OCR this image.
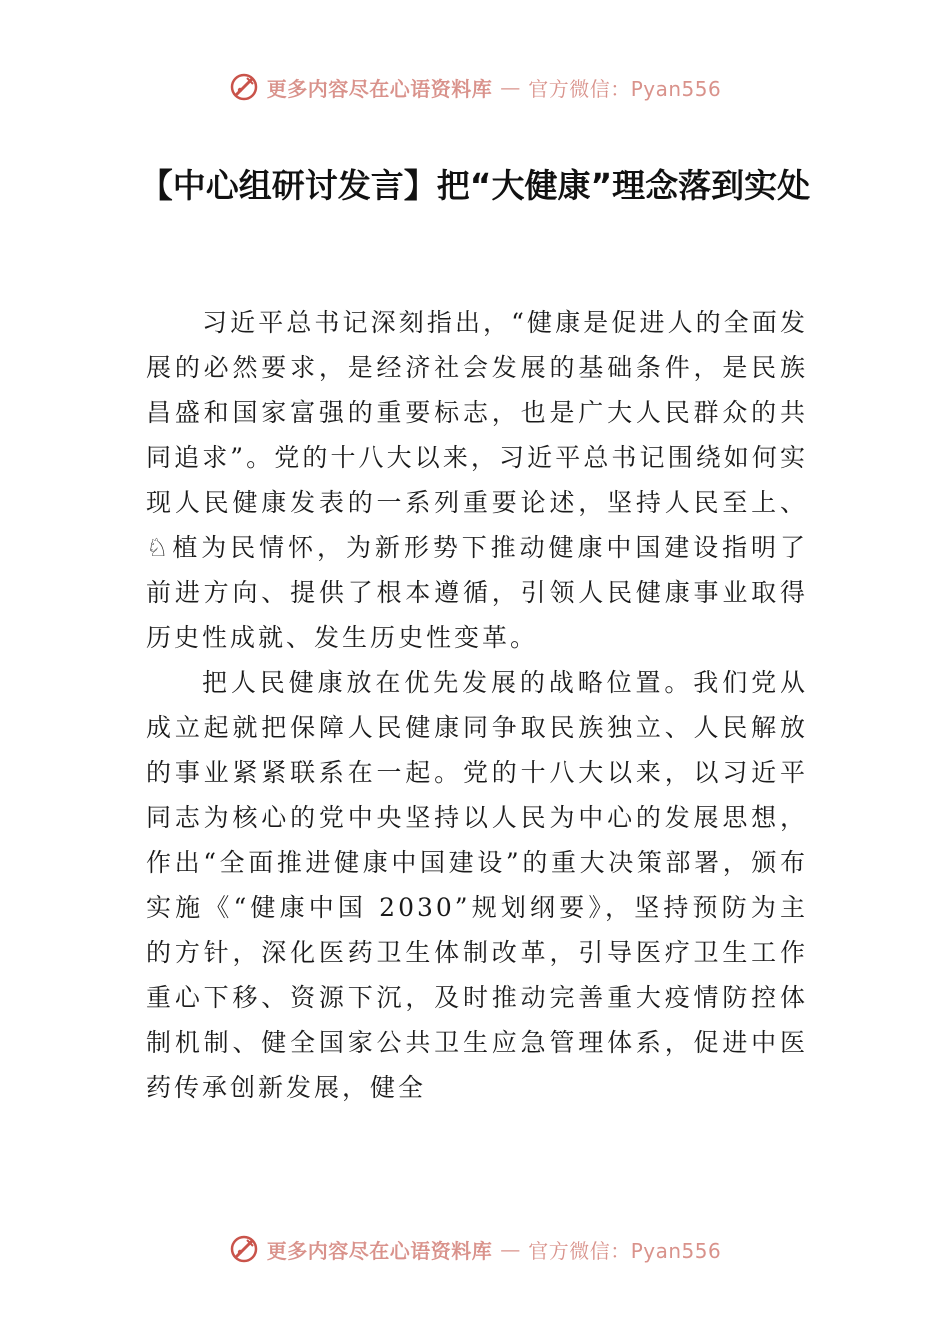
更多内容尽在心语资料库 — 官方微信：Pyan556
【中心组研讨发言】把“大健康”理念落到实处

习近平总书记深刻指出，“健康是促进人的全面发展的必然要求，是经济社会发展的基础条件，是民族昌盛和国家富强的重要标志，也是广大人民群众的共同追求”。党的十八大以来，习近平总书记围绕如何实现人民健康发表的一系列重要论述，坚持人民至上、♘植为民情怀，为新形势下推动健康中国建设指明了前进方向、提供了根本遵循，引领人民健康事业取得历史性成就、发生历史性变革。

把人民健康放在优先发展的战略位置。我们党从成立起就把保障人民健康同争取民族独立、人民解放的事业紧紧联系在一起。党的十八大以来，以习近平同志为核心的党中央坚持以人民为中心的发展思想，作出“全面推进健康中国建设”的重大决策部署，颁布实施《“健康中国 2030”规划纲要》，坚持预防为主的方针，深化医药卫生体制改革，引导医疗卫生工作重心下移、资源下沉，及时推动完善重大疫情防控体制机制、健全国家公共卫生应急管理体系，促进中医药传承创新发展，健全

更多内容尽在心语资料库 — 官方微信：Pyan556
